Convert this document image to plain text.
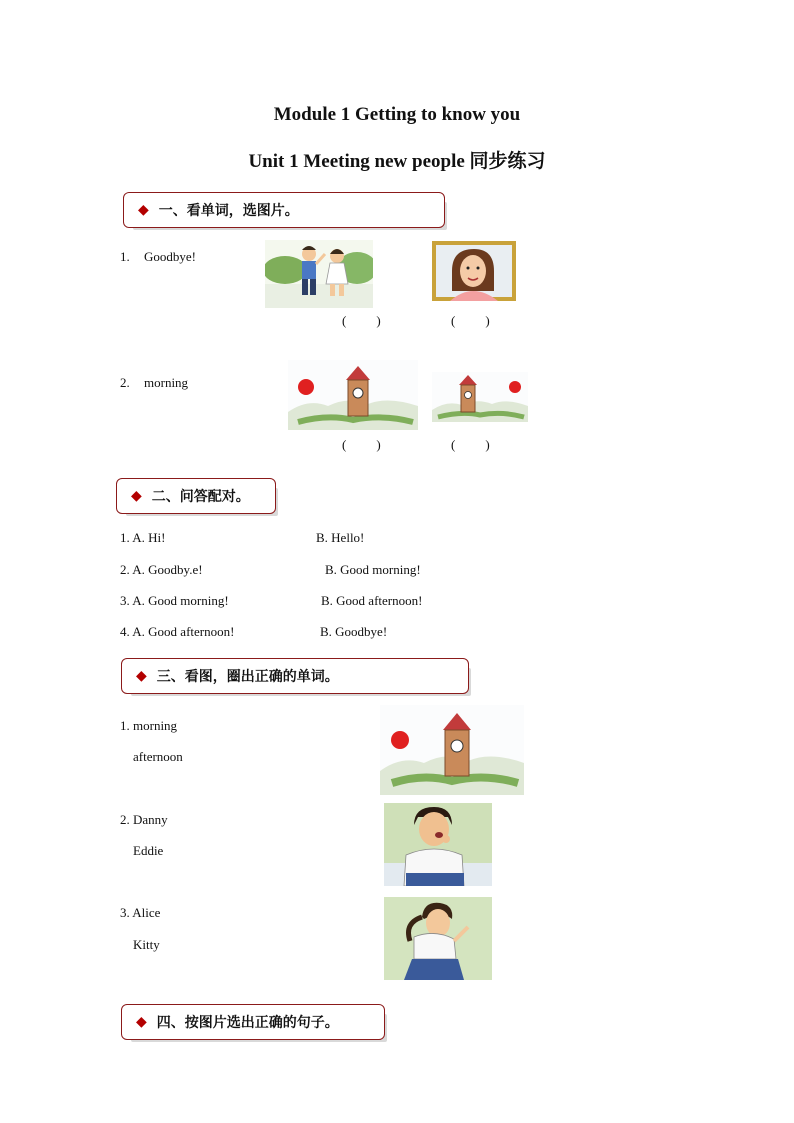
Module 1 Getting to know you
Unit 1 Meeting new people 同步练习
◆ 一、看单词，选图片。
1. Goodbye!
( )	( )
2. morning
( )	( )
◆ 二、问答配对。
1. A. Hi!	B. Hello!
2. A. Goodby.e!	B. Good morning!
3. A. Good morning!	B. Good afternoon!
4. A. Good afternoon!	B. Goodbye!
◆ 三、看图，圈出正确的单词。
1. morning
afternoon
2. Danny
Eddie
3. Alice
Kitty
◆ 四、按图片选出正确的句子。
